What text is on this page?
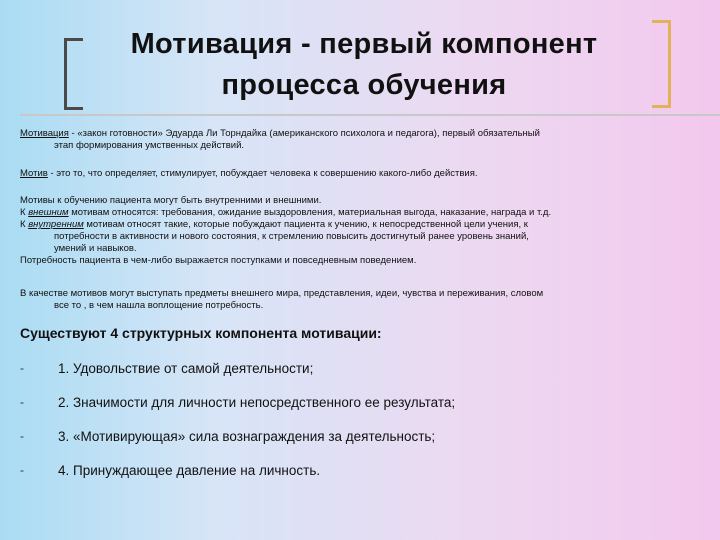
Мотивация - первый компонент
процесса обучения
Мотивация - «закон готовности» Эдуарда Ли Торндайка (американского психолога и педагога), первый обязательный
этап формирования умственных действий.
Мотив - это то, что определяет, стимулирует, побуждает человека к совершению какого-либо действия.
Мотивы к обучению пациента могут быть внутренними и внешними.
К внешним мотивам относятся: требования, ожидание выздоровления, материальная выгода, наказание, награда и т.д.
К внутренним мотивам относят такие, которые побуждают пациента к учению, к непосредственной цели учения, к
потребности в активности и нового состояния, к стремлению повысить достигнутый ранее уровень знаний,
умений и навыков.
Потребность пациента в чем-либо выражается поступками и повседневным поведением.
В качестве мотивов могут выступать предметы внешнего мира, представления, идеи, чувства и переживания, словом
все то , в чем нашла воплощение потребность.
Существуют 4 структурных компонента мотивации:
-	1. Удовольствие от самой деятельности;
-	2. Значимости для личности непосредственного ее результата;
-	3. «Мотивирующая» сила вознаграждения за деятельность;
-	4. Принуждающее давление на личность.
